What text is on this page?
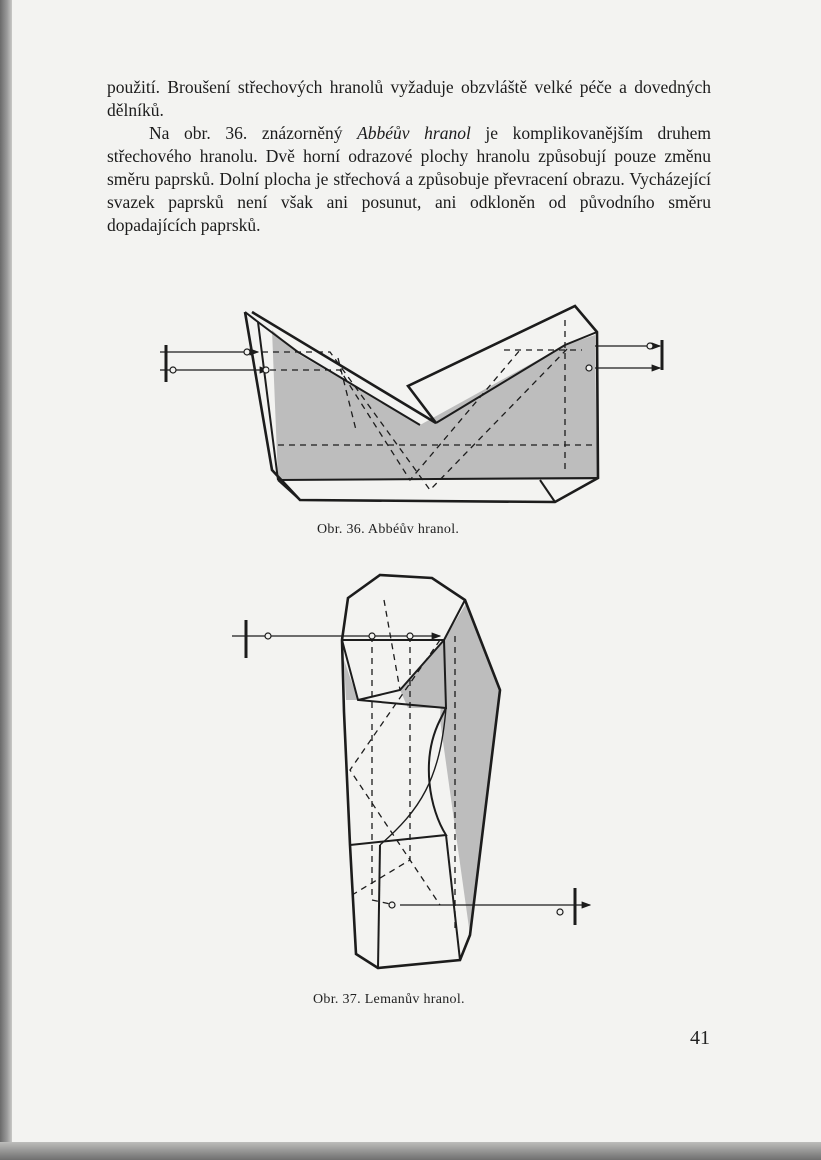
použití. Broušení střechových hranolů vyžaduje obzvláště velké péče a dovedných dělníků.

Na obr. 36. znázorněný Abbéův hranol je komplikovanějším druhem střechového hranolu. Dvě horní odrazové plochy hranolu způsobují pouze změnu směru paprsků. Dolní plocha je střechová a způsobuje převracení obrazu. Vycházející svazek paprsků není však ani posunut, ani odkloněn od původního směru dopadajících paprsků.

Obr. 36. Abbéův hranol.
Obr. 37. Lemanův hranol.
41
